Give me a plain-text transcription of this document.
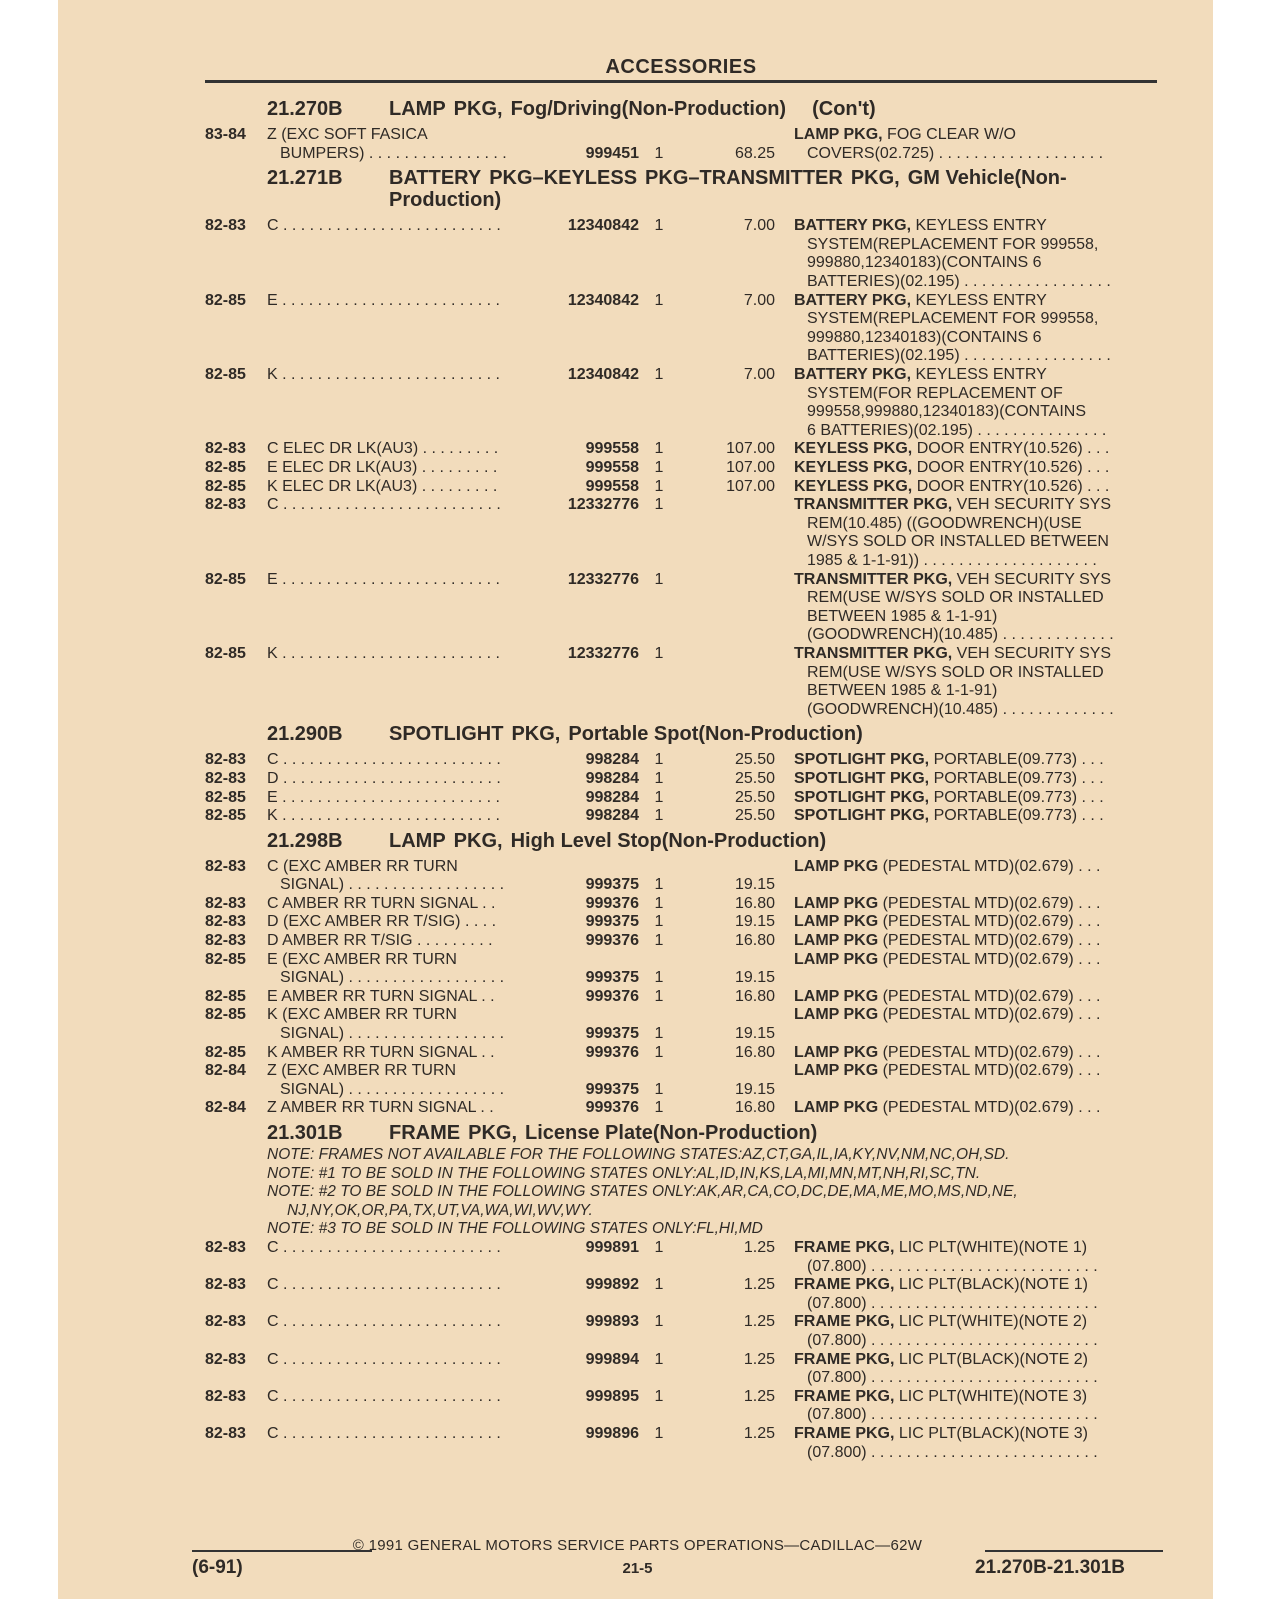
ACCESSORIES
21.270B	LAMP PKG, Fog/Driving(Non-Production) (Con't)
83-84	Z (EXC SOFT FASICA
BUMPERS) . . . . . . . . . . . . . . . .	999451 1	68.25
LAMP PKG, FOG CLEAR W/O
COVERS(02.725) . . . . . . . . . . . . . . . . . . .
21.271B	BATTERY PKG–KEYLESS PKG–TRANSMITTER PKG, GM Vehicle(Non-Production)
82-83	C . . . . . . . . . . . . . . . . . . . . . . . . .	12340842 1	7.00 BATTERY PKG, KEYLESS ENTRY
SYSTEM(REPLACEMENT FOR 999558,
999880,12340183)(CONTAINS 6
BATTERIES)(02.195) . . . . . . . . . . . . . . . . .
82-85	E . . . . . . . . . . . . . . . . . . . . . . . . .	12340842 1	7.00 BATTERY PKG, KEYLESS ENTRY
SYSTEM(REPLACEMENT FOR 999558,
999880,12340183)(CONTAINS 6
BATTERIES)(02.195) . . . . . . . . . . . . . . . . .
82-85	K . . . . . . . . . . . . . . . . . . . . . . . . .	12340842 1	7.00 BATTERY PKG, KEYLESS ENTRY
SYSTEM(FOR REPLACEMENT OF
999558,999880,12340183)(CONTAINS
6 BATTERIES)(02.195) . . . . . . . . . . . . . . .
82-83	C ELEC DR LK(AU3) . . . . . . . . .	999558 1	107.00 KEYLESS PKG, DOOR ENTRY(10.526) . . .
82-85	E ELEC DR LK(AU3) . . . . . . . . .	999558 1	107.00 KEYLESS PKG, DOOR ENTRY(10.526) . . .
82-85	K ELEC DR LK(AU3) . . . . . . . . .	999558 1	107.00 KEYLESS PKG, DOOR ENTRY(10.526) . . .
82-83	C . . . . . . . . . . . . . . . . . . . . . . . . .	12332776 1	TRANSMITTER PKG, VEH SECURITY SYS
REM(10.485) ((GOODWRENCH)(USE
W/SYS SOLD OR INSTALLED BETWEEN
1985 & 1-1-91)) . . . . . . . . . . . . . . . . . . . .
82-85	E . . . . . . . . . . . . . . . . . . . . . . . . .	12332776 1	TRANSMITTER PKG, VEH SECURITY SYS
REM(USE W/SYS SOLD OR INSTALLED
BETWEEN 1985 & 1-1-91)
(GOODWRENCH)(10.485) . . . . . . . . . . . . .
82-85	K . . . . . . . . . . . . . . . . . . . . . . . . .	12332776 1	TRANSMITTER PKG, VEH SECURITY SYS
REM(USE W/SYS SOLD OR INSTALLED
BETWEEN 1985 & 1-1-91)
(GOODWRENCH)(10.485) . . . . . . . . . . . . .
21.290B	SPOTLIGHT PKG, Portable Spot(Non-Production)
82-83	C . . . . . . . . . . . . . . . . . . . . . . . . .	998284 1	25.50 SPOTLIGHT PKG, PORTABLE(09.773) . . .
82-83	D . . . . . . . . . . . . . . . . . . . . . . . . .	998284 1	25.50 SPOTLIGHT PKG, PORTABLE(09.773) . . .
82-85	E . . . . . . . . . . . . . . . . . . . . . . . . .	998284 1	25.50 SPOTLIGHT PKG, PORTABLE(09.773) . . .
82-85	K . . . . . . . . . . . . . . . . . . . . . . . . .	998284 1	25.50 SPOTLIGHT PKG, PORTABLE(09.773) . . .
21.298B	LAMP PKG, High Level Stop(Non-Production)
82-83	C (EXC AMBER RR TURN
SIGNAL) . . . . . . . . . . . . . . . . . .	999375 1	19.15
LAMP PKG (PEDESTAL MTD)(02.679) . . .
82-83	C AMBER RR TURN SIGNAL . .	999376 1	16.80 LAMP PKG (PEDESTAL MTD)(02.679) . . .
82-83	D (EXC AMBER RR T/SIG) . . . .	999375 1	19.15 LAMP PKG (PEDESTAL MTD)(02.679) . . .
82-83	D AMBER RR T/SIG . . . . . . . . .	999376 1	16.80 LAMP PKG (PEDESTAL MTD)(02.679) . . .
82-85	E (EXC AMBER RR TURN
SIGNAL) . . . . . . . . . . . . . . . . . .	999375 1	19.15
LAMP PKG (PEDESTAL MTD)(02.679) . . .
82-85	E AMBER RR TURN SIGNAL . .	999376 1	16.80 LAMP PKG (PEDESTAL MTD)(02.679) . . .
82-85	K (EXC AMBER RR TURN
SIGNAL) . . . . . . . . . . . . . . . . . .	999375 1	19.15
LAMP PKG (PEDESTAL MTD)(02.679) . . .
82-85	K AMBER RR TURN SIGNAL . .	999376 1	16.80 LAMP PKG (PEDESTAL MTD)(02.679) . . .
82-84	Z (EXC AMBER RR TURN
SIGNAL) . . . . . . . . . . . . . . . . . .	999375 1	19.15
LAMP PKG (PEDESTAL MTD)(02.679) . . .
82-84	Z AMBER RR TURN SIGNAL . .	999376 1	16.80 LAMP PKG (PEDESTAL MTD)(02.679) . . .
21.301B	FRAME PKG, License Plate(Non-Production)
NOTE: FRAMES NOT AVAILABLE FOR THE FOLLOWING STATES:AZ,CT,GA,IL,IA,KY,NV,NM,NC,OH,SD.
NOTE: #1 TO BE SOLD IN THE FOLLOWING STATES ONLY:AL,ID,IN,KS,LA,MI,MN,MT,NH,RI,SC,TN.
NOTE: #2 TO BE SOLD IN THE FOLLOWING STATES ONLY:AK,AR,CA,CO,DC,DE,MA,ME,MO,MS,ND,NE,
NJ,NY,OK,OR,PA,TX,UT,VA,WA,WI,WV,WY.
NOTE: #3 TO BE SOLD IN THE FOLLOWING STATES ONLY:FL,HI,MD
82-83	C . . . . . . . . . . . . . . . . . . . . . . . . .	999891 1	1.25 FRAME PKG, LIC PLT(WHITE)(NOTE 1)
(07.800) . . . . . . . . . . . . . . . . . . . . . . . . . .
82-83	C . . . . . . . . . . . . . . . . . . . . . . . . .	999892 1	1.25 FRAME PKG, LIC PLT(BLACK)(NOTE 1)
(07.800) . . . . . . . . . . . . . . . . . . . . . . . . . .
82-83	C . . . . . . . . . . . . . . . . . . . . . . . . .	999893 1	1.25 FRAME PKG, LIC PLT(WHITE)(NOTE 2)
(07.800) . . . . . . . . . . . . . . . . . . . . . . . . . .
82-83	C . . . . . . . . . . . . . . . . . . . . . . . . .	999894 1	1.25 FRAME PKG, LIC PLT(BLACK)(NOTE 2)
(07.800) . . . . . . . . . . . . . . . . . . . . . . . . . .
82-83	C . . . . . . . . . . . . . . . . . . . . . . . . .	999895 1	1.25 FRAME PKG, LIC PLT(WHITE)(NOTE 3)
(07.800) . . . . . . . . . . . . . . . . . . . . . . . . . .
82-83	C . . . . . . . . . . . . . . . . . . . . . . . . .	999896 1	1.25 FRAME PKG, LIC PLT(BLACK)(NOTE 3)
(07.800) . . . . . . . . . . . . . . . . . . . . . . . . . .
© 1991 GENERAL MOTORS SERVICE PARTS OPERATIONS—CADILLAC—62W
(6-91)	21-5	21.270B-21.301B
